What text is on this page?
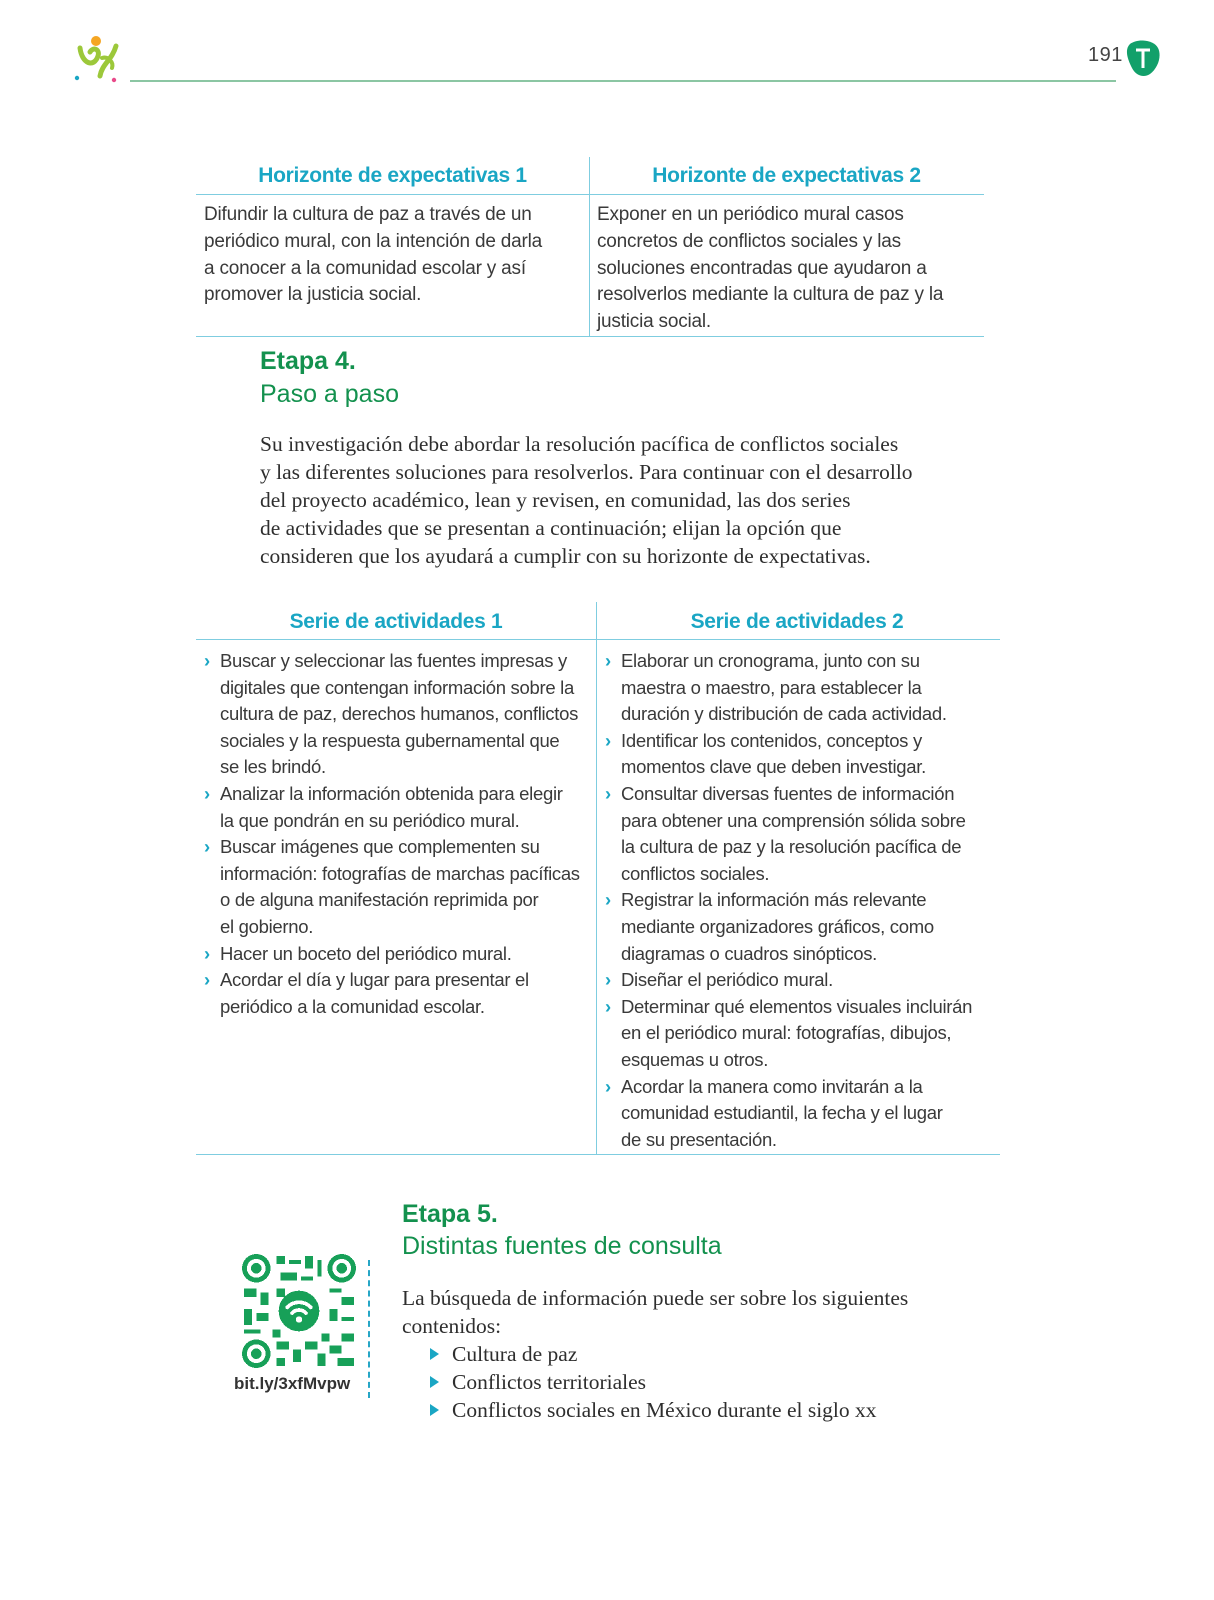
191
Horizonte de expectativas 1	Horizonte de expectativas 2
Difundir la cultura de paz a través de un
periódico mural, con la intención de darla
a conocer a la comunidad escolar y así
promover la justicia social.
Exponer en un periódico mural casos
concretos de conflictos sociales y las
soluciones encontradas que ayudaron a
resolverlos mediante la cultura de paz y la
justicia social.
Etapa 4.
Paso a paso
Su investigación debe abordar la resolución pacífica de conflictos sociales
y las diferentes soluciones para resolverlos. Para continuar con el desarrollo
del proyecto académico, lean y revisen, en comunidad, las dos series
de actividades que se presentan a continuación; elijan la opción que
consideren que los ayudará a cumplir con su horizonte de expectativas.
Serie de actividades 1	Serie de actividades 2
› Buscar y seleccionar las fuentes impresas y
digitales que contengan información sobre la
cultura de paz, derechos humanos, conflictos
sociales y la respuesta gubernamental que
se les brindó.
› Analizar la información obtenida para elegir
la que pondrán en su periódico mural.
› Buscar imágenes que complementen su
información: fotografías de marchas pacíficas
o de alguna manifestación reprimida por
el gobierno.
› Hacer un boceto del periódico mural.
› Acordar el día y lugar para presentar el
periódico a la comunidad escolar.
› Elaborar un cronograma, junto con su
maestra o maestro, para establecer la
duración y distribución de cada actividad.
› Identificar los contenidos, conceptos y
momentos clave que deben investigar.
› Consultar diversas fuentes de información
para obtener una comprensión sólida sobre
la cultura de paz y la resolución pacífica de
conflictos sociales.
› Registrar la información más relevante
mediante organizadores gráficos, como
diagramas o cuadros sinópticos.
› Diseñar el periódico mural.
› Determinar qué elementos visuales incluirán
en el periódico mural: fotografías, dibujos,
esquemas u otros.
› Acordar la manera como invitarán a la
comunidad estudiantil, la fecha y el lugar
de su presentación.
bit.ly/3xfMvpw
Etapa 5.
Distintas fuentes de consulta
La búsqueda de información puede ser sobre los siguientes
contenidos:
Cultura de paz
Conflictos territoriales
Conflictos sociales en México durante el siglo xx
